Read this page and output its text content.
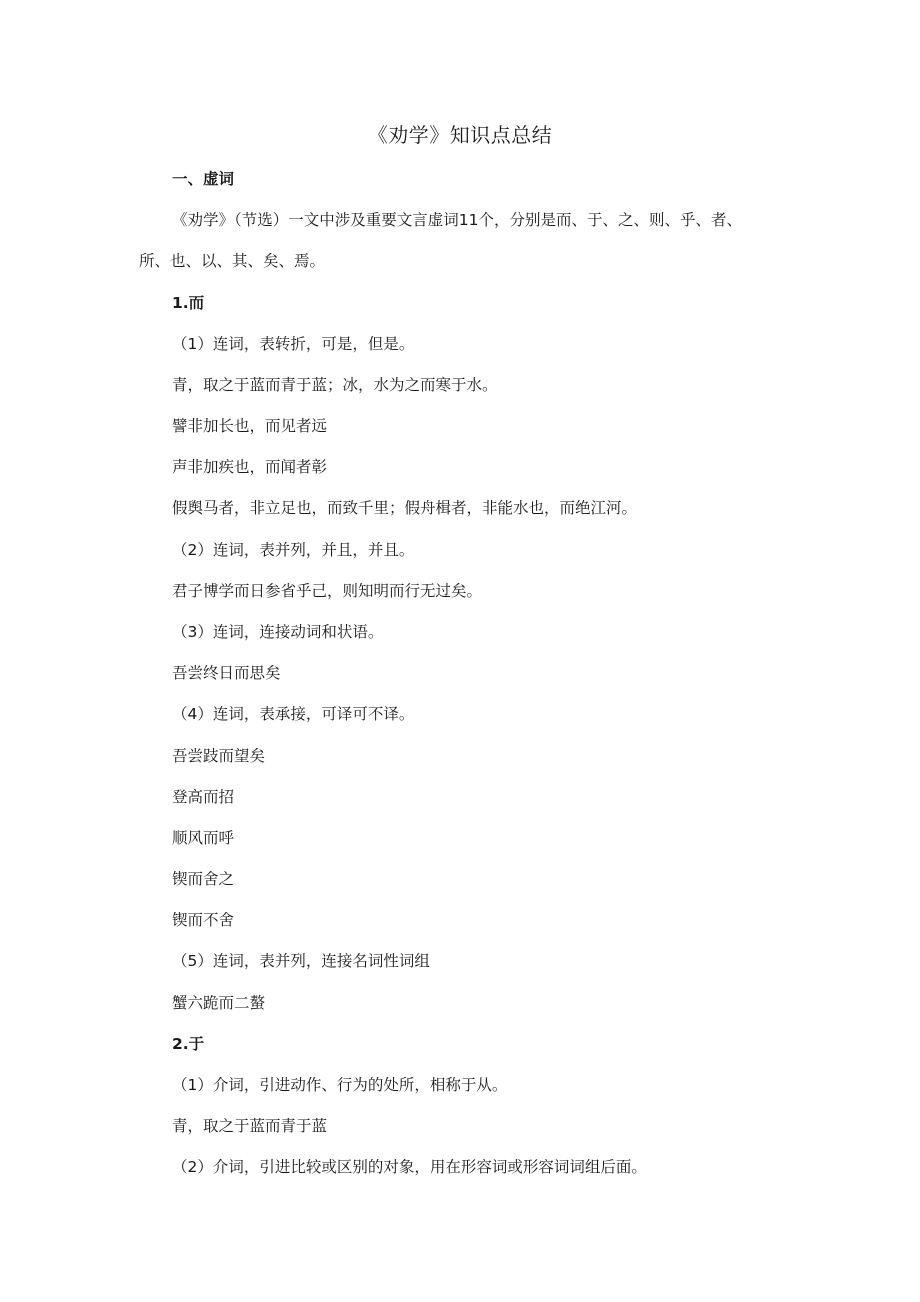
《劝学》知识点总结
一、虚词
《劝学》（节选）一文中涉及重要文言虚词11个，分别是而、于、之、则、乎、者、
所、也、以、其、矣、焉。
1.而
（1）连词，表转折，可是，但是。
青，取之于蓝而青于蓝；冰，水为之而寒于水。
譬非加长也，而见者远
声非加疾也，而闻者彰
假舆马者，非立足也，而致千里；假舟楫者，非能水也，而绝江河。
（2）连词，表并列，并且，并且。
君子博学而日参省乎己，则知明而行无过矣。
（3）连词，连接动词和状语。
吾尝终日而思矣
（4）连词，表承接，可译可不译。
吾尝跂而望矣
登高而招
顺风而呼
锲而舍之
锲而不舍
（5）连词，表并列，连接名词性词组
蟹六跪而二螯
2.于
（1）介词，引进动作、行为的处所，相称于从。
青，取之于蓝而青于蓝
（2）介词，引进比较或区别的对象，用在形容词或形容词词组后面。
